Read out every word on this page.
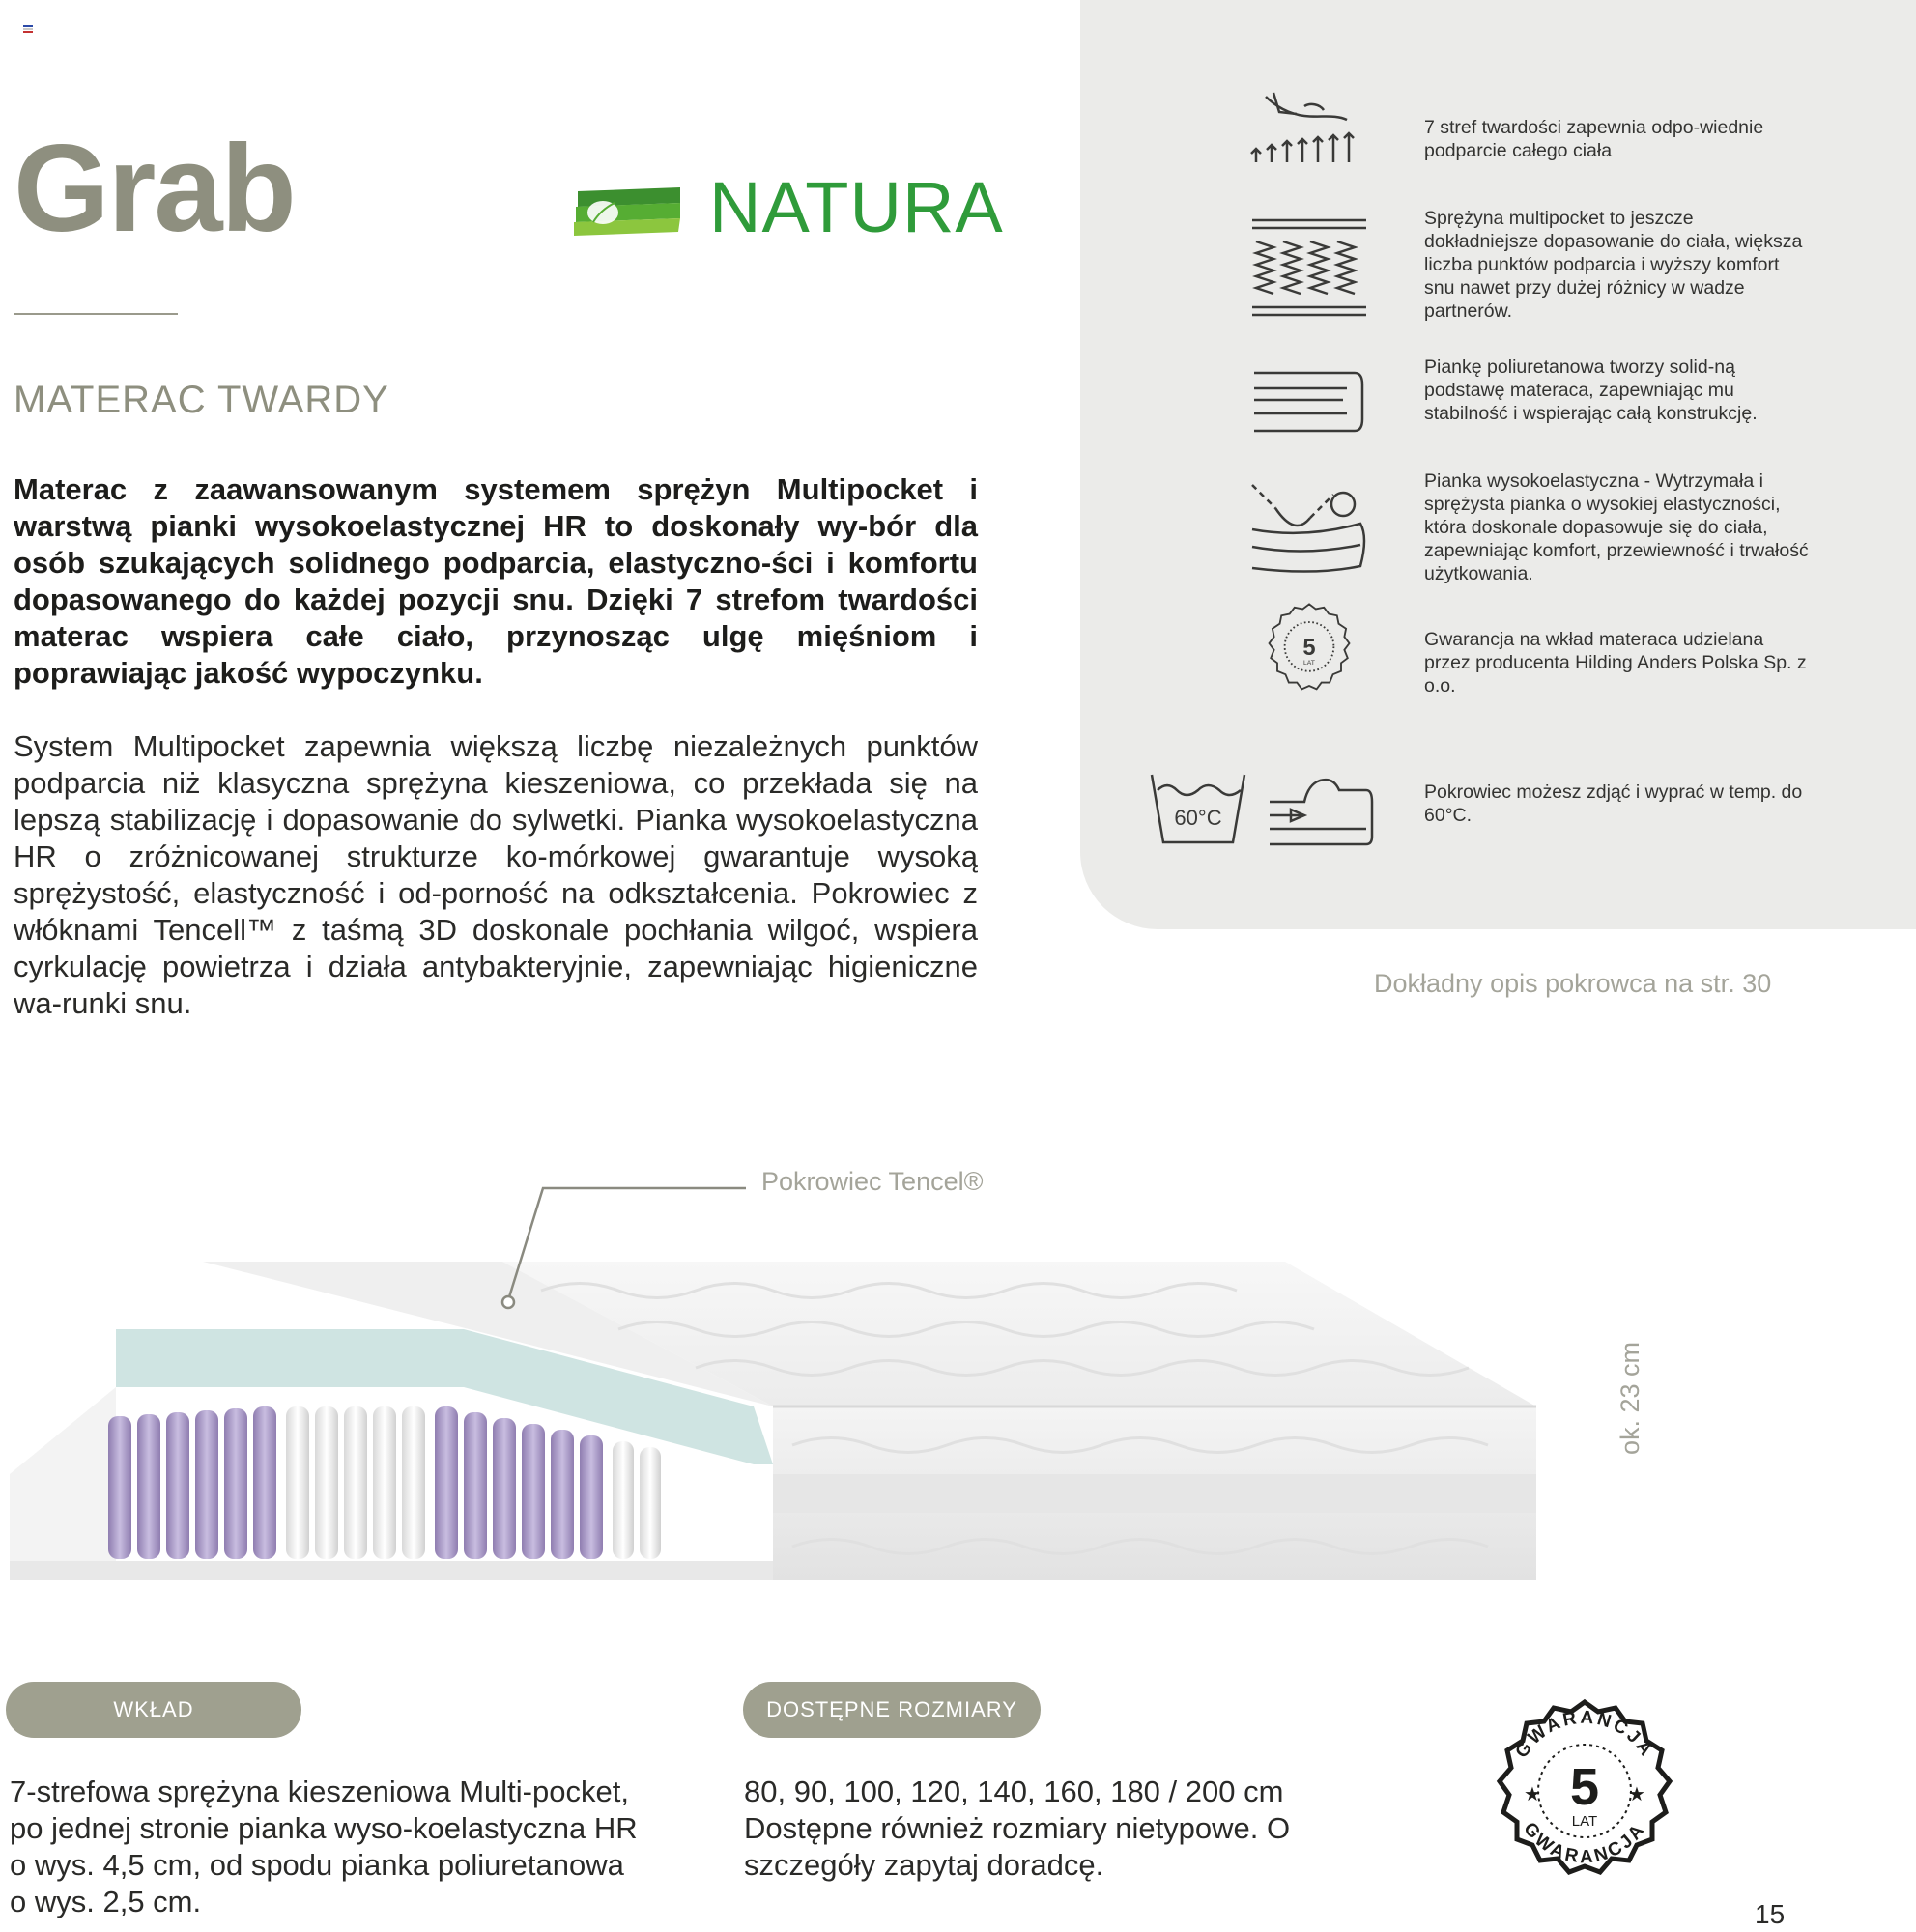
Grab	NATURA
MATERAC TWARDY
Materac z zaawansowanym systemem sprężyn Multipocket i warstwą pianki wysokoelastycznej HR to doskonały wy-bór dla osób szukających solidnego podparcia, elastyczno-ści i komfortu dopasowanego do każdej pozycji snu. Dzięki 7 strefom twardości materac wspiera całe ciało, przynosząc ulgę mięśniom i poprawiając jakość wypoczynku.
System Multipocket zapewnia większą liczbę niezależnych punktów podparcia niż klasyczna sprężyna kieszeniowa, co przekłada się na lepszą stabilizację i dopasowanie do sylwetki. Pianka wysokoelastyczna HR o zróżnicowanej strukturze ko-mórkowej gwarantuje wysoką sprężystość, elastyczność i od-porność na odkształcenia. Pokrowiec z włóknami Tencell™ z taśmą 3D doskonale pochłania wilgoć, wspiera cyrkulację powietrza i działa antybakteryjnie, zapewniając higieniczne wa-runki snu.
7 stref twardości zapewnia odpo-wiednie podparcie całego ciała
Sprężyna multipocket to jeszcze dokładniejsze dopasowanie do ciała, większa liczba punktów podparcia i wyższy komfort snu nawet przy dużej różnicy w wadze partnerów.
Piankę poliuretanowa tworzy solid-ną podstawę materaca, zapewniając mu stabilność i wspierając całą konstrukcję.
Pianka wysokoelastyczna - Wytrzymała i sprężysta pianka o wysokiej elastyczności, która doskonale dopasowuje się do ciała, zapewniając komfort, przewiewność i trwałość użytkowania.
5
LAT
Gwarancja na wkład materaca udzielana przez producenta Hilding Anders Polska Sp. z o.o.
60°C
Pokrowiec możesz zdjąć i wyprać w temp. do 60°C.
Dokładny opis pokrowca na str. 30
Pokrowiec Tencel®
ok. 23 cm
WKŁAD
7-strefowa sprężyna kieszeniowa Multi-pocket, po jednej stronie pianka wyso-koelastyczna HR o wys. 4,5 cm, od spodu pianka poliuretanowa o wys. 2,5 cm.
DOSTĘPNE ROZMIARY
80, 90, 100, 120, 140, 160, 180 / 200 cm Dostępne również rozmiary nietypowe. O szczegóły zapytaj doradcę.
GWARANCJA
GWARANCJA
5
LAT
★	★
15
